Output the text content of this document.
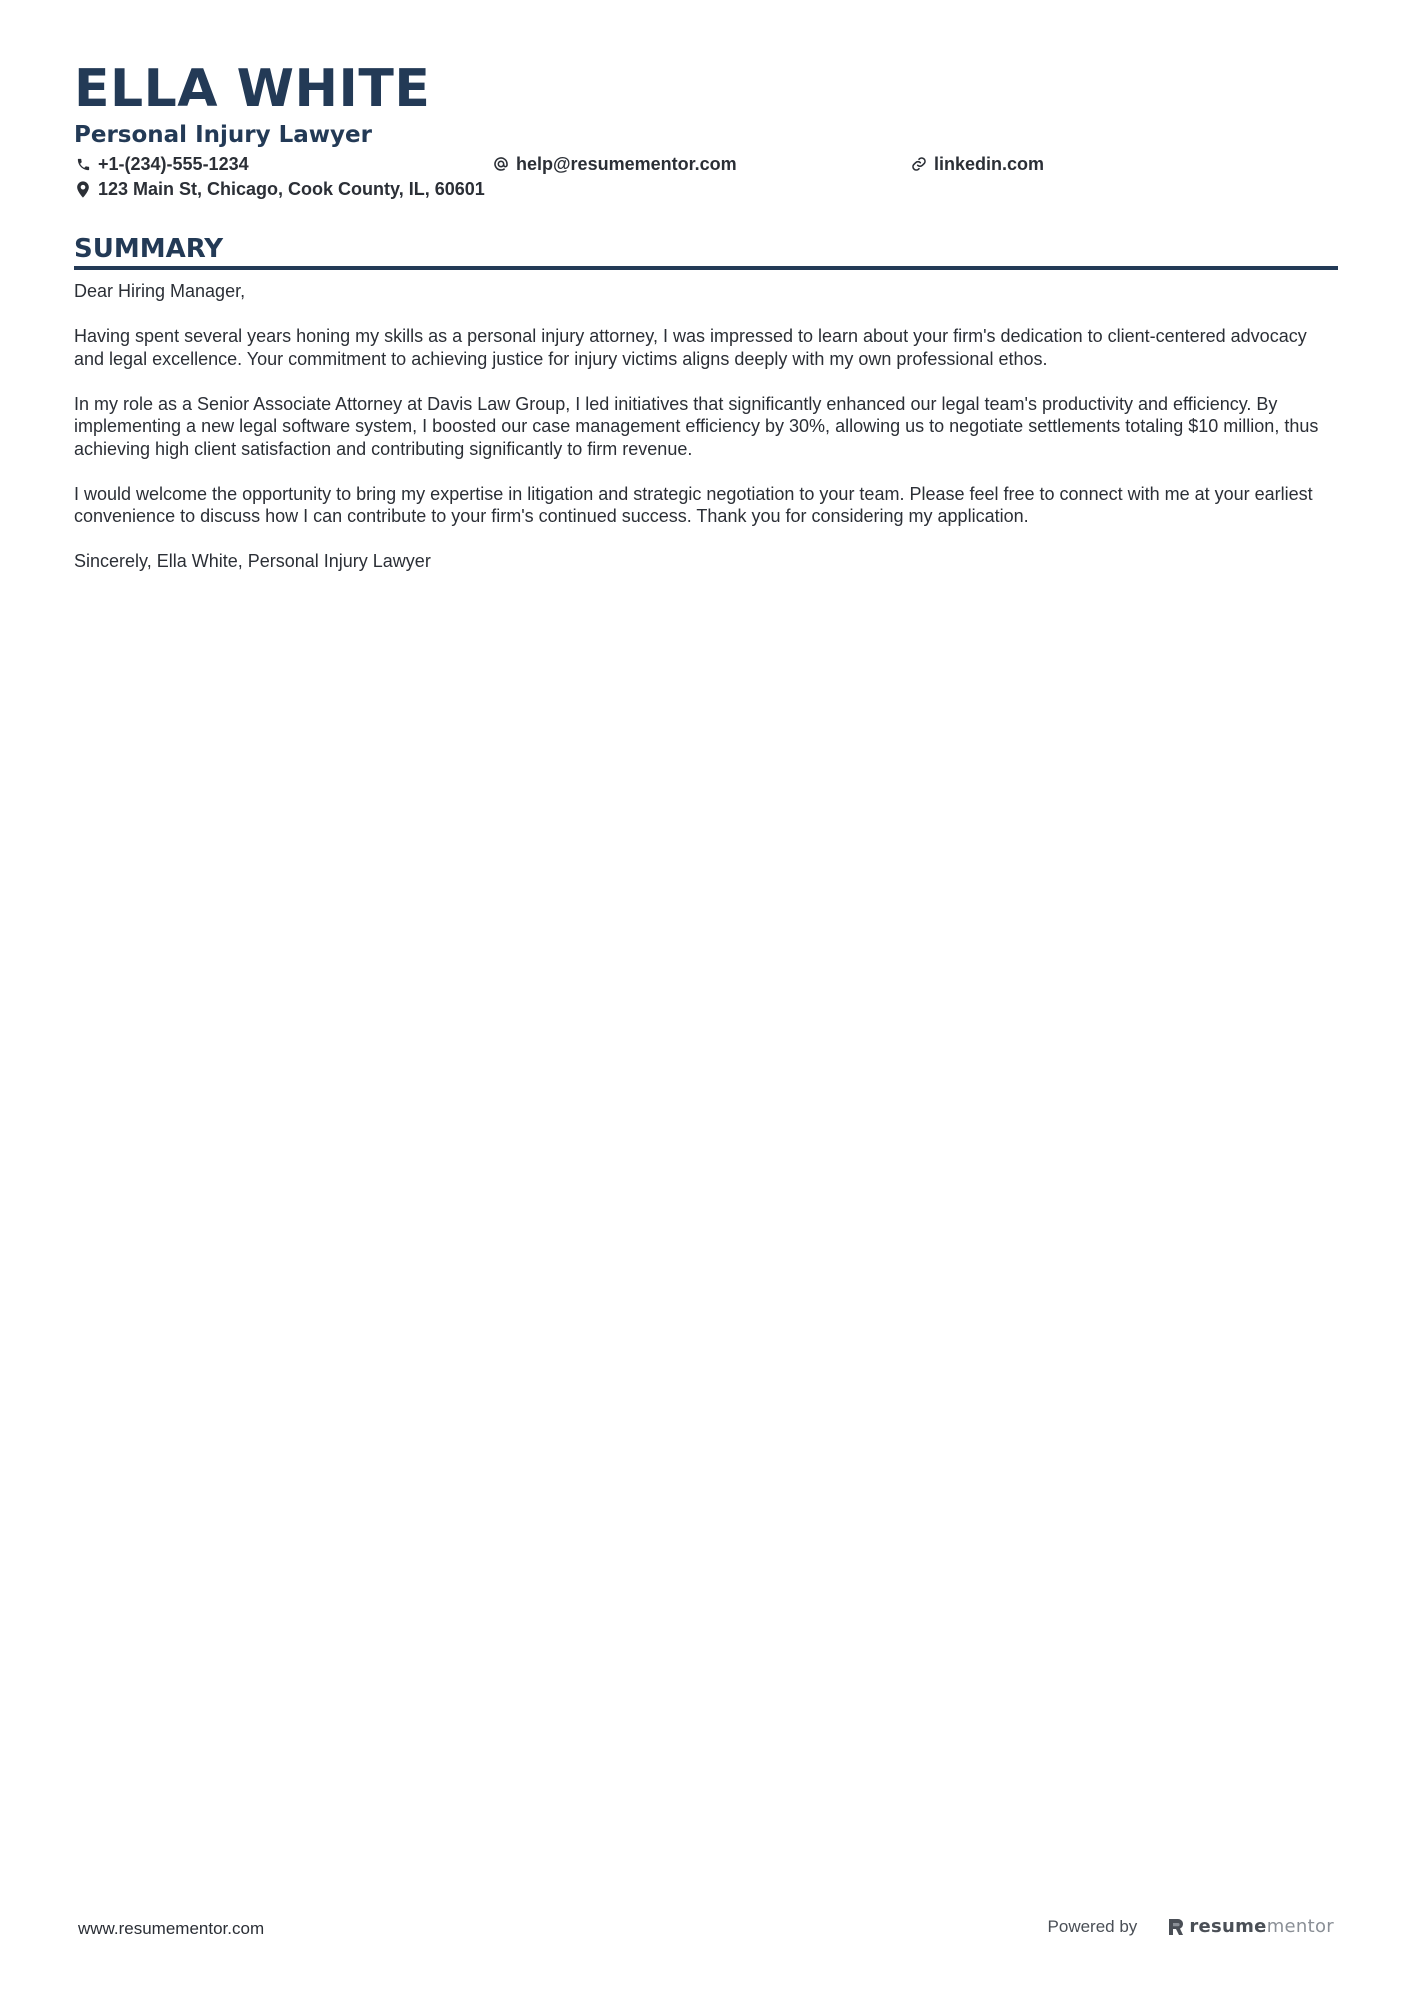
ELLA WHITE
Personal Injury Lawyer
+1-(234)-555-1234	help@resumementor.com	linkedin.com
123 Main St, Chicago, Cook County, IL, 60601
SUMMARY

Dear Hiring Manager,

Having spent several years honing my skills as a personal injury attorney, I was impressed to learn about your firm's dedication to client-centered advocacy and legal excellence. Your commitment to achieving justice for injury victims aligns deeply with my own professional ethos.

In my role as a Senior Associate Attorney at Davis Law Group, I led initiatives that significantly enhanced our legal team's productivity and efficiency. By implementing a new legal software system, I boosted our case management efficiency by 30%, allowing us to negotiate settlements totaling $10 million, thus achieving high client satisfaction and contributing significantly to firm revenue.

I would welcome the opportunity to bring my expertise in litigation and strategic negotiation to your team. Please feel free to connect with me at your earliest convenience to discuss how I can contribute to your firm's continued success. Thank you for considering my application.

Sincerely, Ella White, Personal Injury Lawyer

www.resumementor.com	Powered by	resumementor
